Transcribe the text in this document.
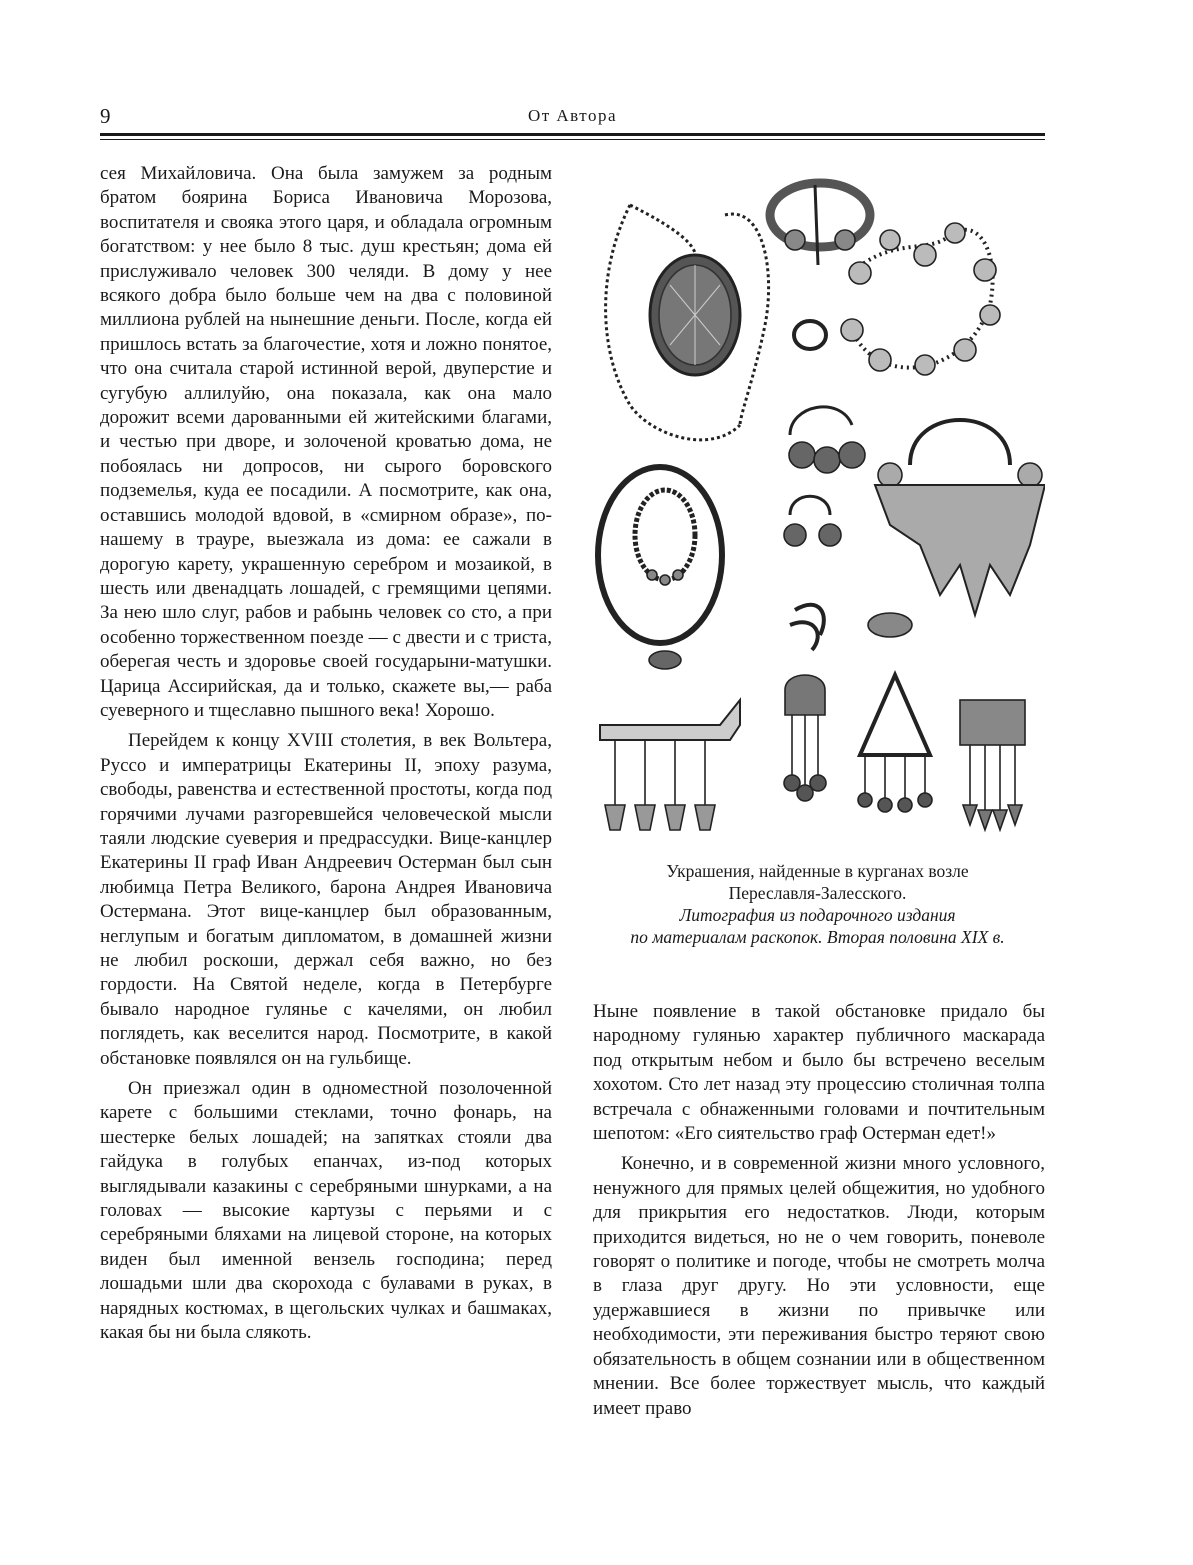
9	От Автора

сея Михайловича. Она была замужем за родным братом боярина Бориса Ивановича Морозова, воспитателя и свояка этого царя, и обладала огромным богатством: у нее было 8 тыс. душ крестьян; дома ей прислуживало человек 300 челяди. В дому у нее всякого добра было больше чем на два с половиной миллиона рублей на нынешние деньги. После, когда ей пришлось встать за благочестие, хотя и ложно понятое, что она считала старой истинной верой, двуперстие и сугубую аллилуйю, она показала, как она мало дорожит всеми дарованными ей житейскими благами, и честью при дворе, и золоченой кроватью дома, не побоялась ни допросов, ни сырого боровского подземелья, куда ее посадили. А посмотрите, как она, оставшись молодой вдовой, в «смирном образе», по-нашему в трауре, выезжала из дома: ее сажали в дорогую карету, украшенную серебром и мозаикой, в шесть или двенадцать лошадей, с гремящими цепями. За нею шло слуг, рабов и рабынь человек со сто, а при особенно торжественном поезде — с двести и с триста, оберегая честь и здоровье своей государыни-матушки. Царица Ассирийская, да и только, скажете вы,— раба суеверного и тщеславно пышного века! Хорошо.

Перейдем к концу XVIII столетия, в век Вольтера, Руссо и императрицы Екатерины II, эпоху разума, свободы, равенства и естественной простоты, когда под горячими лучами разгоревшейся человеческой мысли таяли людские суеверия и предрассудки. Вице-канцлер Екатерины II граф Иван Андреевич Остерман был сын любимца Петра Великого, барона Андрея Ивановича Остермана. Этот вице-канцлер был образованным, неглупым и богатым дипломатом, в домашней жизни не любил роскоши, держал себя важно, но без гордости. На Святой неделе, когда в Петербурге бывало народное гулянье с качелями, он любил поглядеть, как веселится народ. Посмотрите, в какой обстановке появлялся он на гульбище.

Он приезжал один в одноместной позолоченной карете с большими стеклами, точно фонарь, на шестерке белых лошадей; на запятках стояли два гайдука в голубых епанчах, из-под которых выглядывали казакины с серебряными шнурками, а на головах — высокие картузы с перьями и с серебряными бляхами на лицевой стороне, на которых виден был именной вензель господина; перед лошадьми шли два скорохода с булавами в руках, в нарядных костюмах, в щегольских чулках и башмаках, какая бы ни была слякоть.

Украшения, найденные в курганах возле
Переславля-Залесского.
Литография из подарочного издания
по материалам раскопок. Вторая половина XIX в.

Ныне появление в такой обстановке придало бы народному гулянью характер публичного маскарада под открытым небом и было бы встречено веселым хохотом. Сто лет назад эту процессию столичная толпа встречала с обнаженными головами и почтительным шепотом: «Его сиятельство граф Остерман едет!»

Конечно, и в современной жизни много условного, ненужного для прямых целей общежития, но удобного для прикрытия его недостатков. Люди, которым приходится видеться, но не о чем говорить, поневоле говорят о политике и погоде, чтобы не смотреть молча в глаза друг другу. Но эти условности, еще удержавшиеся в жизни по привычке или необходимости, эти переживания быстро теряют свою обязательность в общем сознании или в общественном мнении. Все более торжествует мысль, что каждый имеет право
